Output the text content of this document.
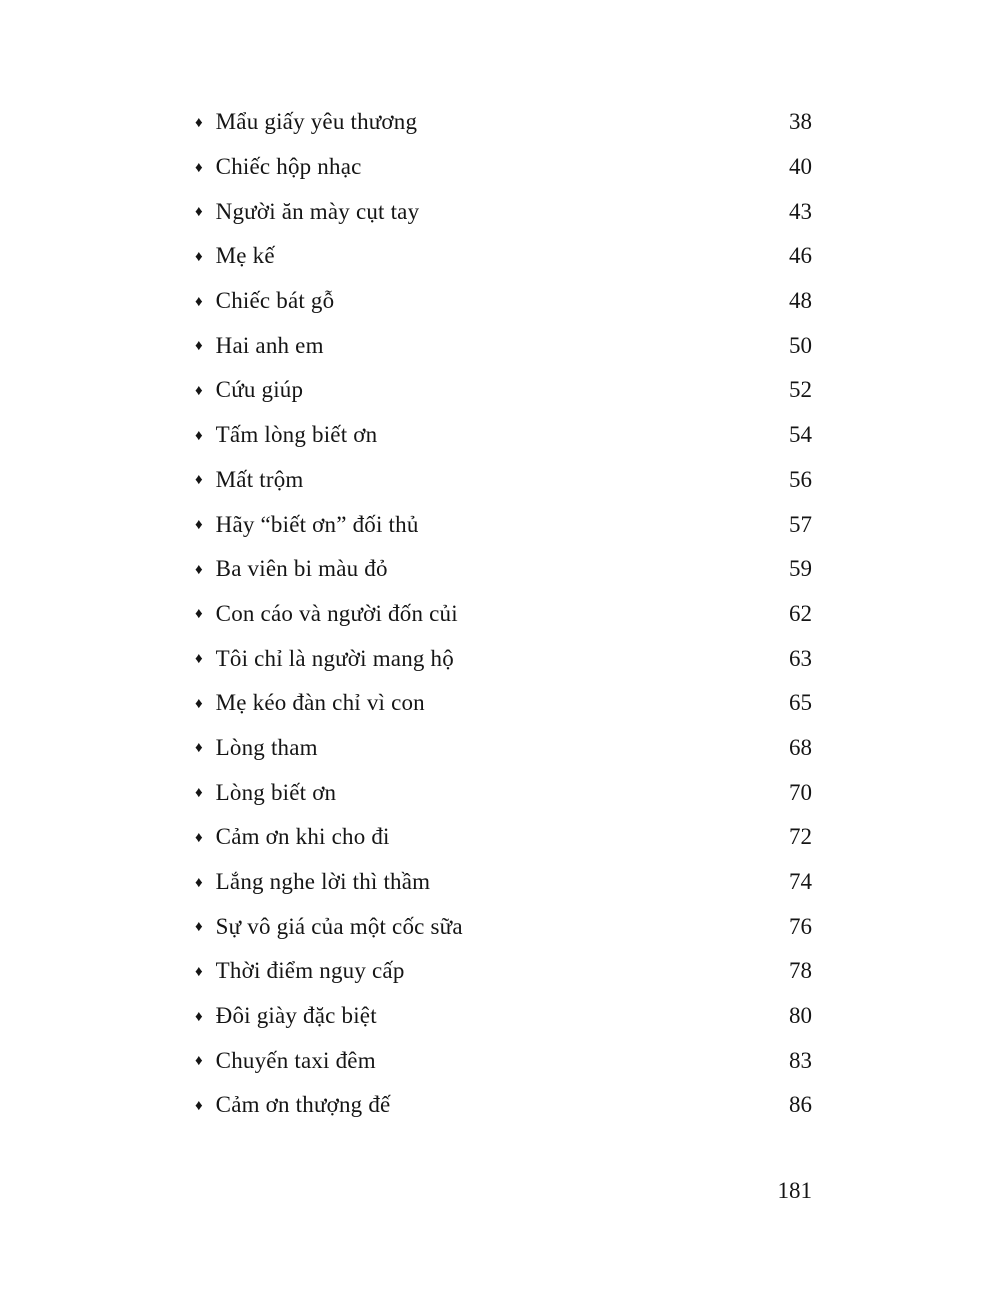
♦ Mẩu giấy yêu thương	38
♦ Chiếc hộp nhạc	40
♦ Người ăn mày cụt tay	43
♦ Mẹ kế	46
♦ Chiếc bát gỗ	48
♦ Hai anh em	50
♦ Cứu giúp	52
♦ Tấm lòng biết ơn	54
♦ Mất trộm	56
♦ Hãy “biết ơn” đối thủ	57
♦ Ba viên bi màu đỏ	59
♦ Con cáo và người đốn củi	62
♦ Tôi chỉ là người mang hộ	63
♦ Mẹ kéo đàn chỉ vì con	65
♦ Lòng tham	68
♦ Lòng biết ơn	70
♦ Cảm ơn khi cho đi	72
♦ Lắng nghe lời thì thầm	74
♦ Sự vô giá của một cốc sữa	76
♦ Thời điểm nguy cấp	78
♦ Đôi giày đặc biệt	80
♦ Chuyến taxi đêm	83
♦ Cảm ơn thượng đế	86
181
